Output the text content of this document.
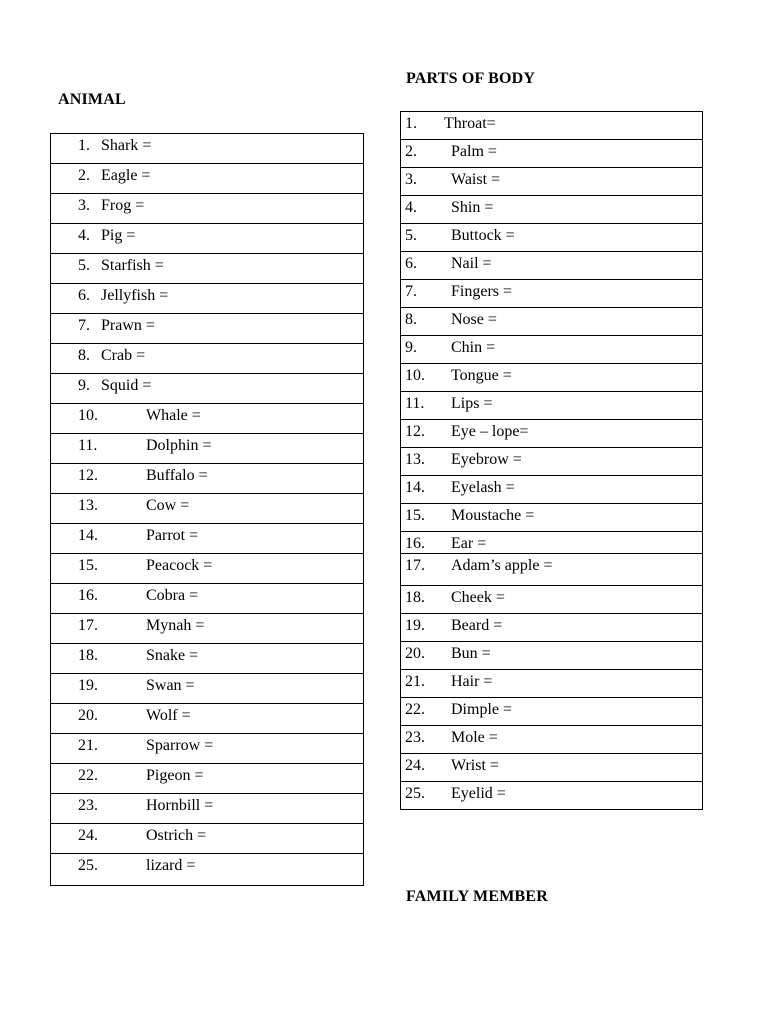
ANIMAL
PARTS OF BODY
FAMILY MEMBER
1. Shark =

2. Eagle =

3. Frog =

4. Pig =

5. Starfish =

6. Jellyfish =

7. Prawn =

8. Crab =

9. Squid =

10.	Whale =

11.	Dolphin =

12.	Buffalo =

13.	Cow =

14.	Parrot =

15.	Peacock =

16.	Cobra =

17.	Mynah =

18.	Snake =

19.	Swan =

20.	Wolf =

21.	Sparrow =

22.	Pigeon =

23.	Hornbill =

24.	Ostrich =

25.	lizard =
1. Throat=

2. Palm =

3. Waist =

4. Shin =

5. Buttock =

6. Nail =

7. Fingers =

8. Nose =

9. Chin =

10. Tongue =

11. Lips =

12. Eye – lope=

13. Eyebrow =

14. Eyelash =

15. Moustache =

16. Ear =

17. Adam’s apple =

18. Cheek =

19. Beard =

20. Bun =

21. Hair =

22. Dimple =

23. Mole =

24. Wrist =

25. Eyelid =
